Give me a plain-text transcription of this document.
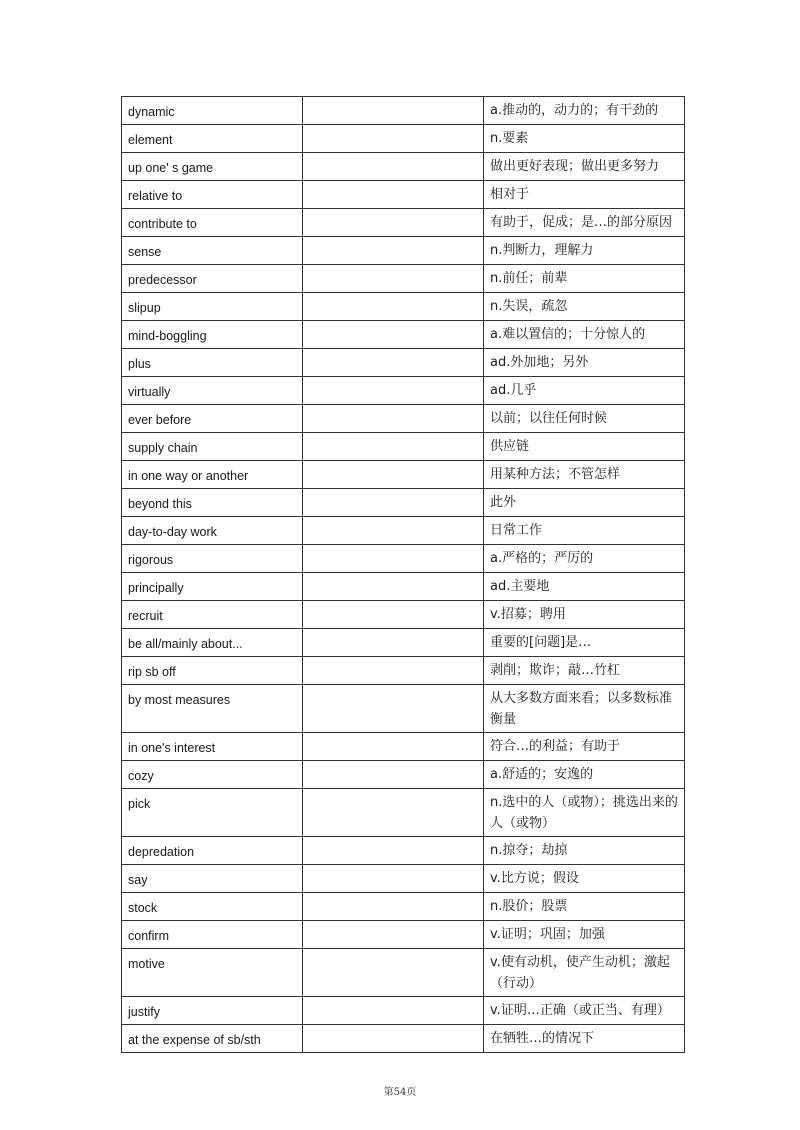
dynamic		a.推动的，动力的；有干劲的
element		n.要素
up one' s game		做出更好表现；做出更多努力
relative to		相对于
contribute to		有助于，促成；是…的部分原因
sense		n.判断力，理解力
predecessor		n.前任；前辈
slipup		n.失误，疏忽
mind-boggling		a.难以置信的；十分惊人的
plus		ad.外加地；另外
virtually		ad.几乎
ever before		以前；以往任何时候
supply chain		供应链
in one way or another		用某种方法；不管怎样
beyond this		此外
day-to-day work		日常工作
rigorous		a.严格的；严厉的
principally		ad.主要地
recruit		v.招募；聘用
be all/mainly about...		重要的[问题]是…
rip sb off		剥削；欺诈；敲…竹杠
by most measures		从大多数方面来看；以多数标准衡量
in one's interest		符合…的利益；有助于
cozy		a.舒适的；安逸的
pick		n.选中的人（或物）；挑选出来的人（或物）
depredation		n.掠夺；劫掠
say		v.比方说；假设
stock		n.股价；股票
confirm		v.证明；巩固；加强
motive		v.使有动机，使产生动机；激起（行动）
justify		v.证明…正确（或正当、有理）
at the expense of sb/sth		在牺牲…的情况下
第54页
